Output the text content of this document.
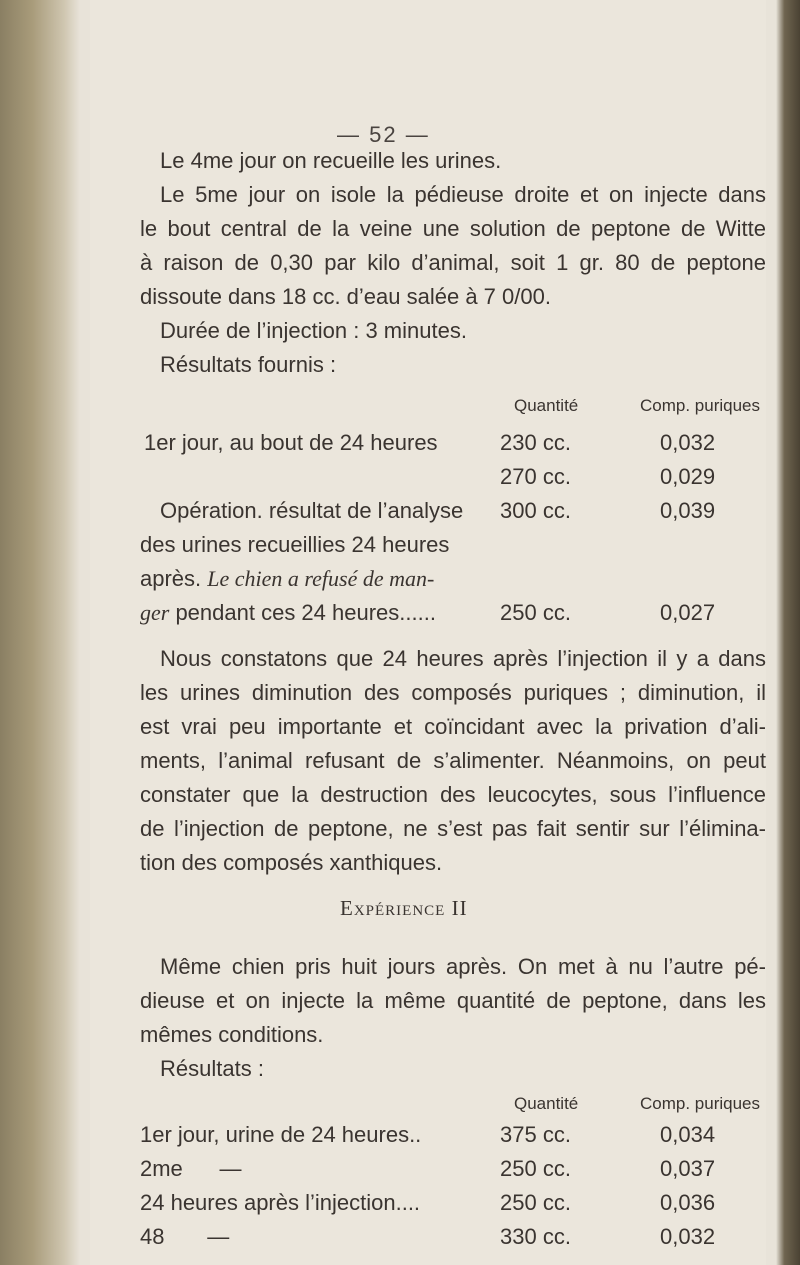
— 52 —
Le 4me jour on recueille les urines.
Le 5me jour on isole la pédieuse droite et on injecte dans
le bout central de la veine une solution de peptone de Witte
à raison de 0,30 par kilo d’animal, soit 1 gr. 80 de peptone
dissoute dans 18 cc. d’eau salée à 7 0/00.
Durée de l’injection : 3 minutes.
Résultats fournis :
Quantité	Comp. puriques
1er jour, au bout de 24 heures	230 cc.	0,032
270 cc.	0,029
Opération. résultat de l’analyse 300 cc.	0,039
des urines recueillies 24 heures
après. Le chien a refusé de man-
ger pendant ces 24 heures......	250 cc.	0,027
Nous constatons que 24 heures après l’injection il y a dans
les urines diminution des composés puriques ; diminution, il
est vrai peu importante et coïncidant avec la privation d’ali-
ments, l’animal refusant de s’alimenter. Néanmoins, on peut
constater que la destruction des leucocytes, sous l’influence
de l’injection de peptone, ne s’est pas fait sentir sur l’élimina-
tion des composés xanthiques.
Expérience II
Même chien pris huit jours après. On met à nu l’autre pé-
dieuse et on injecte la même quantité de peptone, dans les
mêmes conditions.
Résultats :
Quantité	Comp. puriques
1er jour, urine de 24 heures..	375 cc.	0,034
2me      —	250 cc.	0,037
24 heures après l’injection....	250 cc.	0,036
48       —	330 cc.	0,032
